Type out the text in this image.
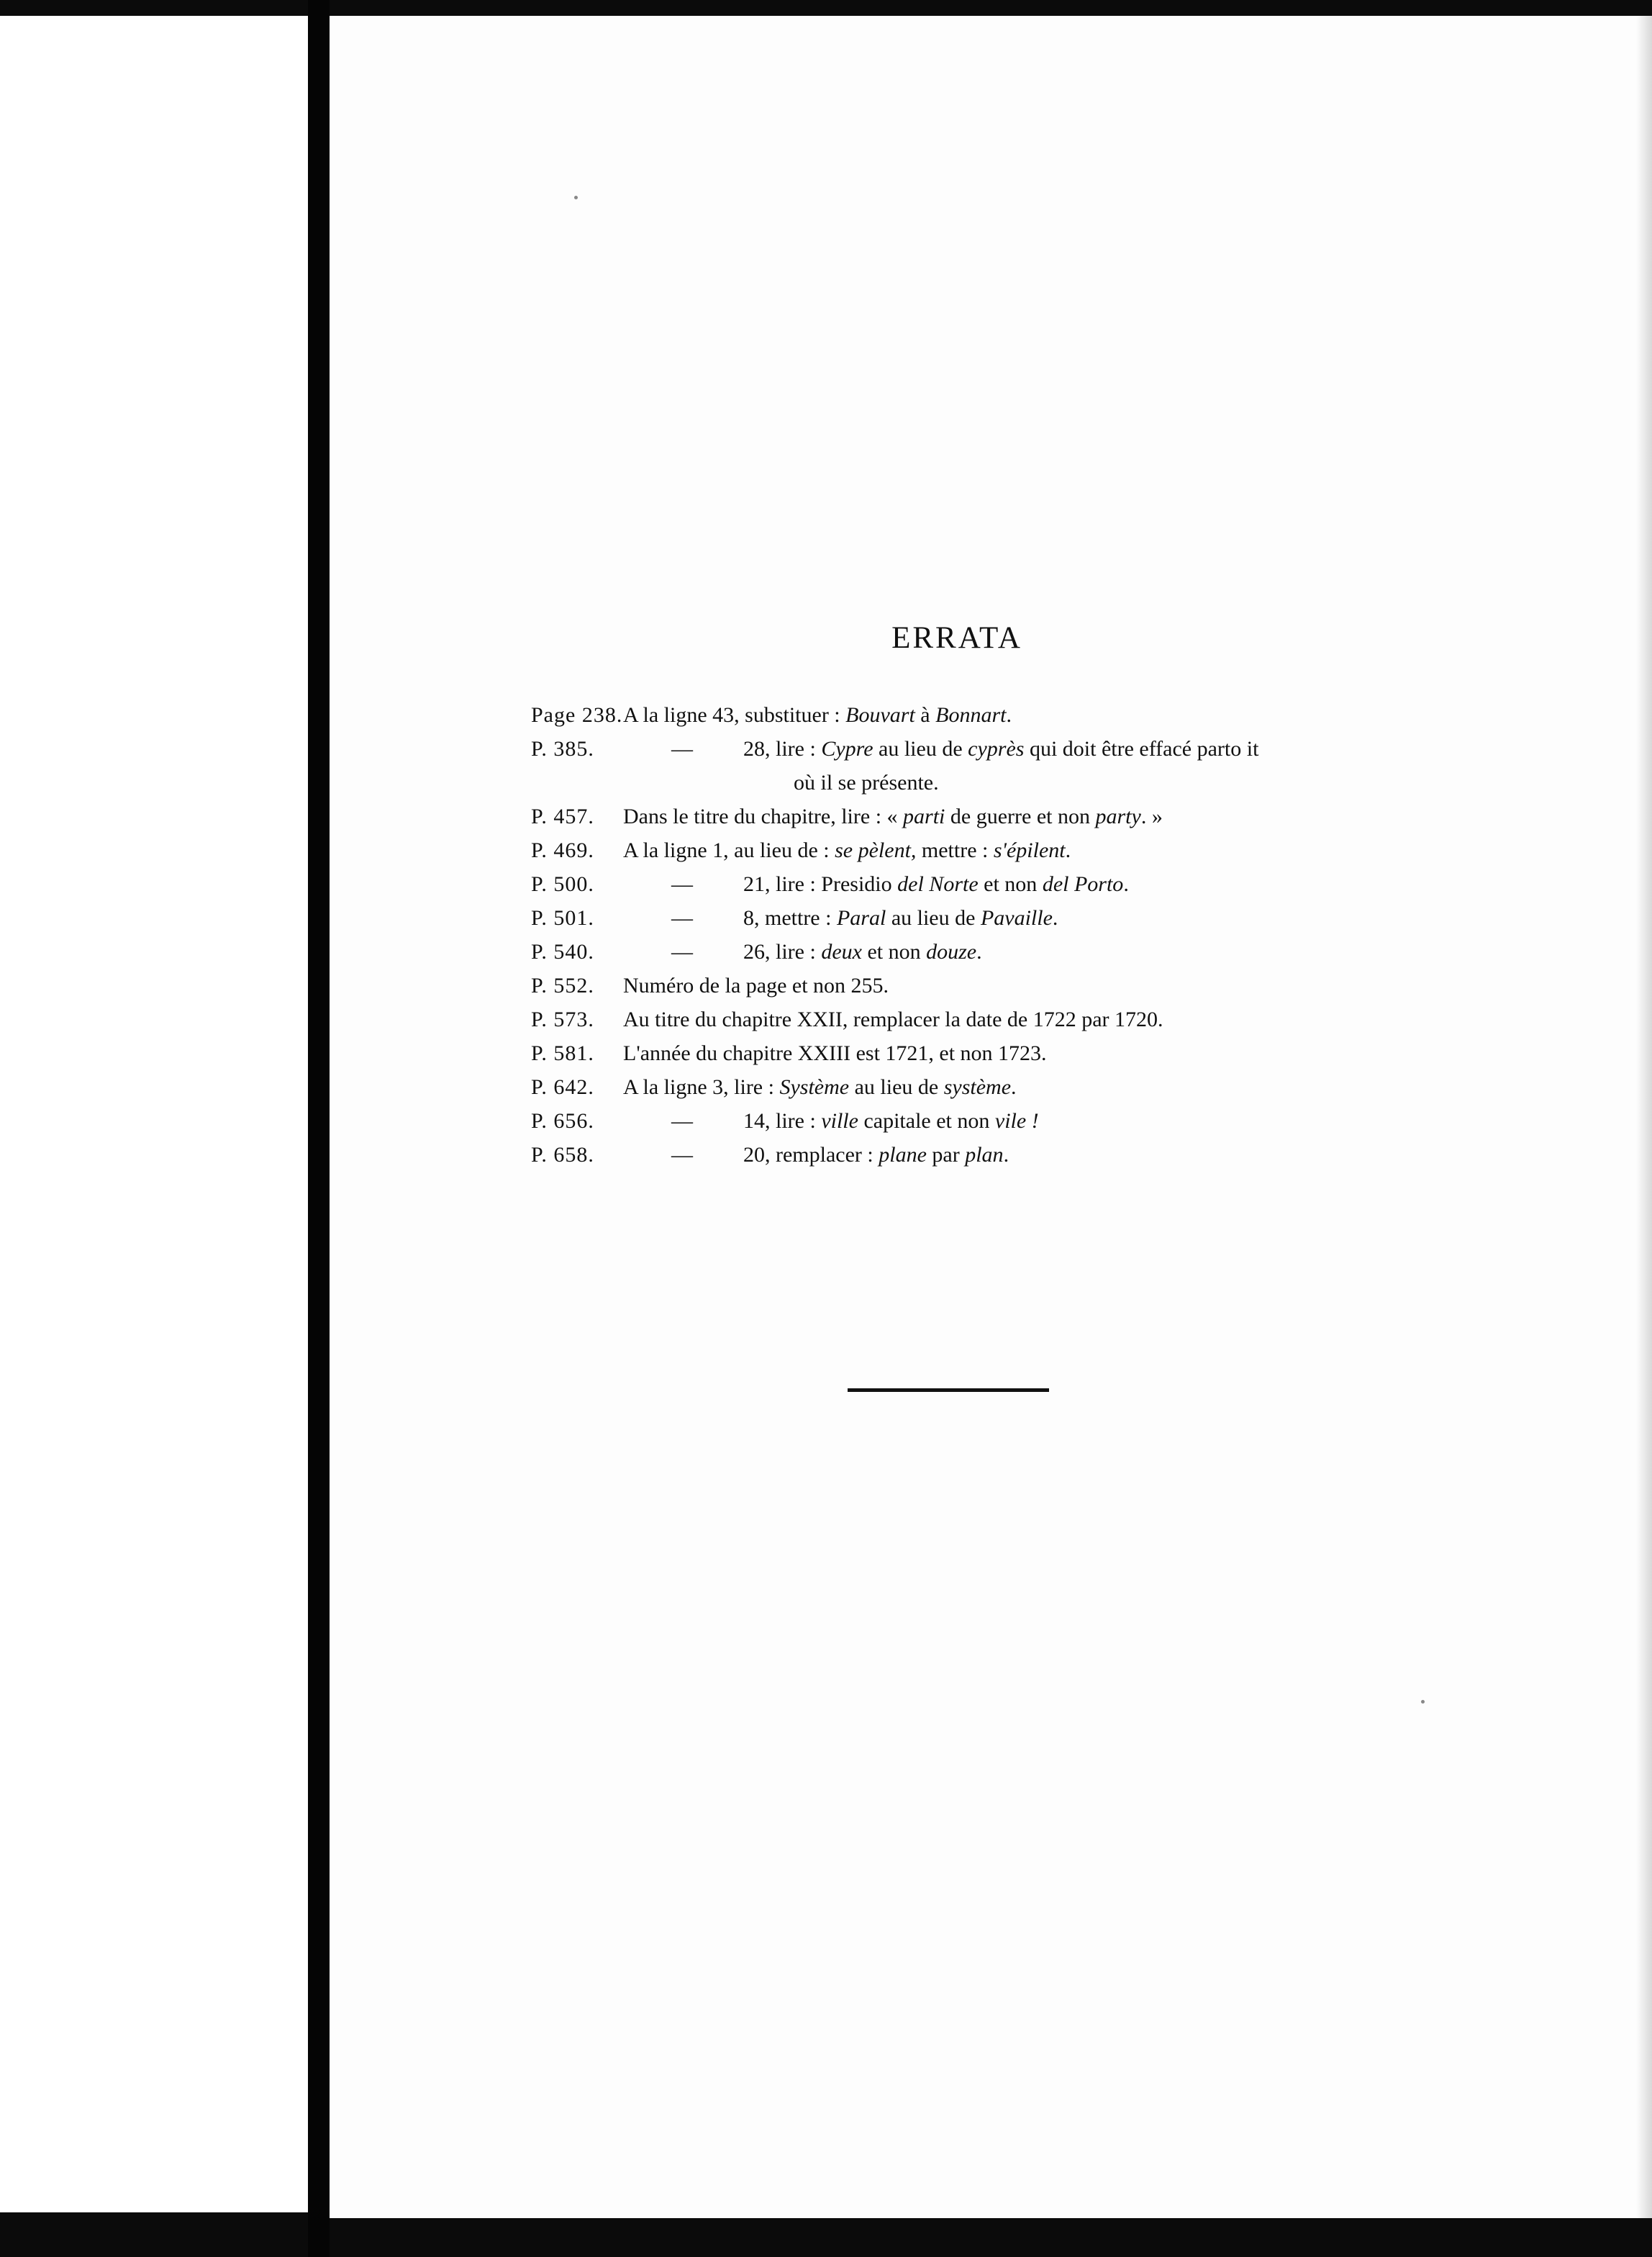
ERRATA
Page 238. A la ligne 43, substituer : Bouvart à Bonnart.
P. 385.	— 28, lire : Cypre au lieu de cyprès qui doit être effacé parto it
où il se présente.
P. 457.	Dans le titre du chapitre, lire : « parti de guerre et non party. »
P. 469.	A la ligne 1, au lieu de : se pèlent, mettre : s'épilent.
P. 500.	— 21, lire : Presidio del Norte et non del Porto.
P. 501.	— 8, mettre : Paral au lieu de Pavaille.
P. 540.	— 26, lire : deux et non douze.
P. 552.	Numéro de la page et non 255.
P. 573.	Au titre du chapitre XXII, remplacer la date de 1722 par 1720.
P. 581.	L'année du chapitre XXIII est 1721, et non 1723.
P. 642.	A la ligne 3, lire : Système au lieu de système.
P. 656.	— 14, lire : ville capitale et non vile !
P. 658.	— 20, remplacer : plane par plan.
